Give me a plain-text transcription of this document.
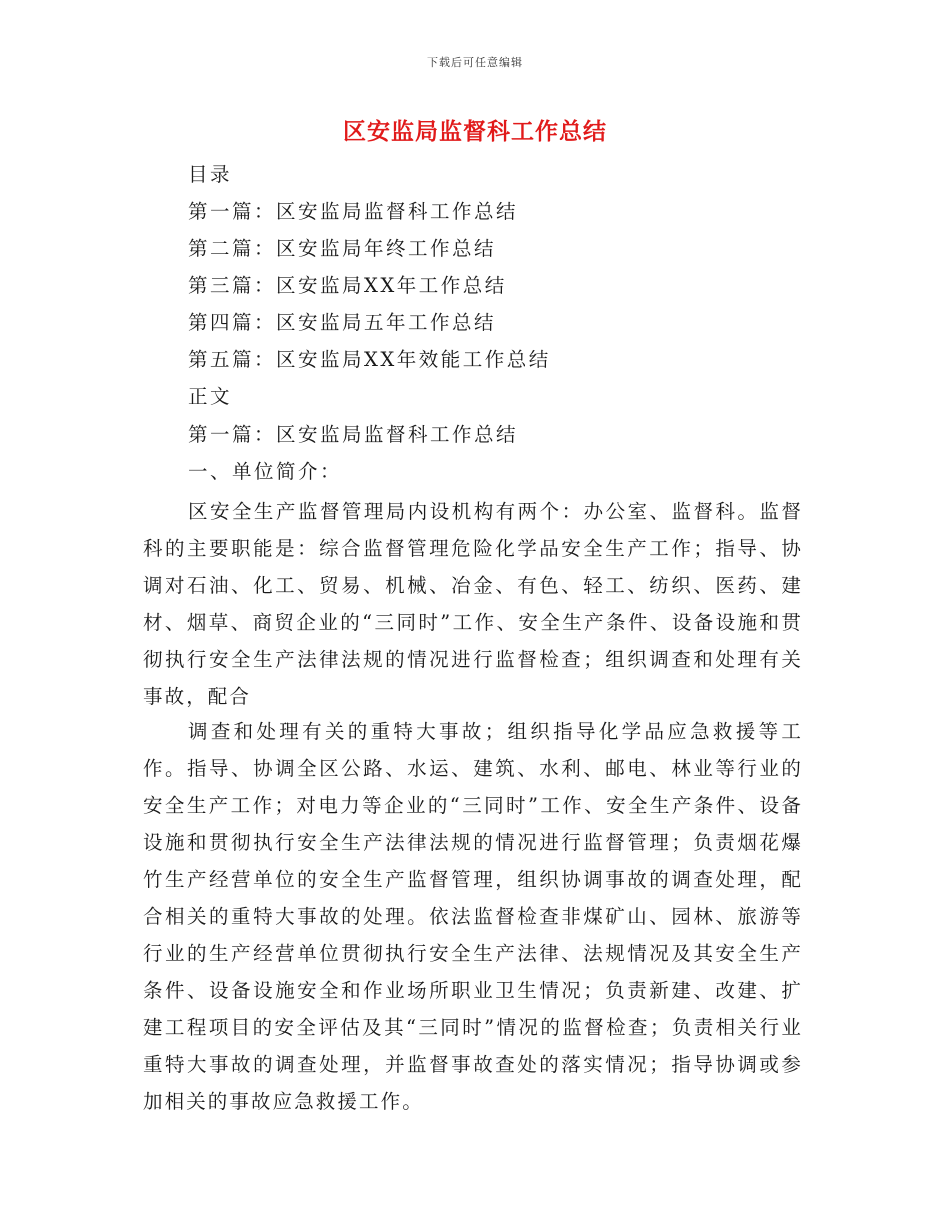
下载后可任意编辑
区安监局监督科工作总结
目录
第一篇：区安监局监督科工作总结
第二篇：区安监局年终工作总结
第三篇：区安监局XX年工作总结
第四篇：区安监局五年工作总结
第五篇：区安监局XX年效能工作总结
正文
第一篇：区安监局监督科工作总结
一、单位简介：

区安全生产监督管理局内设机构有两个：办公室、监督科。监督科的主要职能是：综合监督管理危险化学品安全生产工作；指导、协调对石油、化工、贸易、机械、冶金、有色、轻工、纺织、医药、建材、烟草、商贸企业的“三同时”工作、安全生产条件、设备设施和贯彻执行安全生产法律法规的情况进行监督检查；组织调查和处理有关事故，配合

调查和处理有关的重特大事故；组织指导化学品应急救援等工作。指导、协调全区公路、水运、建筑、水利、邮电、林业等行业的安全生产工作；对电力等企业的“三同时”工作、安全生产条件、设备设施和贯彻执行安全生产法律法规的情况进行监督管理；负责烟花爆竹生产经营单位的安全生产监督管理，组织协调事故的调查处理，配合相关的重特大事故的处理。依法监督检查非煤矿山、园林、旅游等行业的生产经营单位贯彻执行安全生产法律、法规情况及其安全生产条件、设备设施安全和作业场所职业卫生情况；负责新建、改建、扩建工程项目的安全评估及其“三同时”情况的监督检查；负责相关行业重特大事故的调查处理，并监督事故查处的落实情况；指导协调或参加相关的事故应急救援工作。
